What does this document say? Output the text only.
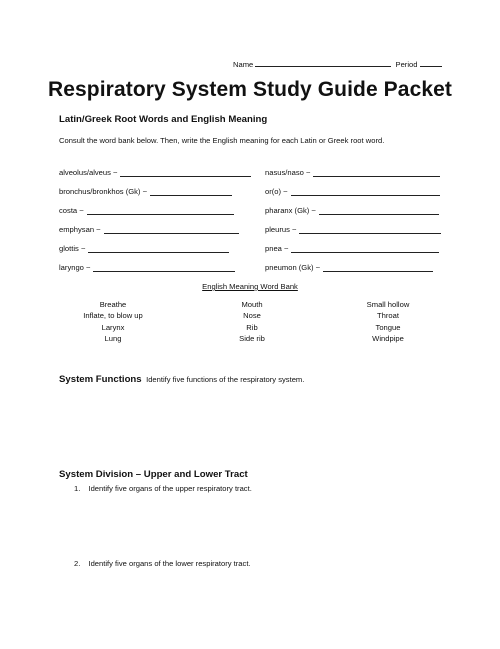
Name	Period
Respiratory System Study Guide Packet
Latin/Greek Root Words and English Meaning
Consult the word bank below. Then, write the English meaning for each Latin or Greek root word.
alveolus/alveus ~
bronchus/bronkhos (Gk) ~
costa ~
emphysan ~
glottis ~
laryngo ~
nasus/naso ~
or(o) ~
pharanx (Gk) ~
pleurus ~
pnea ~
pneumon (Gk) ~
English Meaning Word Bank
Breathe
Inflate, to blow up
Larynx
Lung
Mouth
Nose
Rib
Side rib
Small hollow
Throat
Tongue
Windpipe
System Functions Identify five functions of the respiratory system.
System Division – Upper and Lower Tract
1. Identify five organs of the upper respiratory tract.
2. Identify five organs of the lower respiratory tract.
